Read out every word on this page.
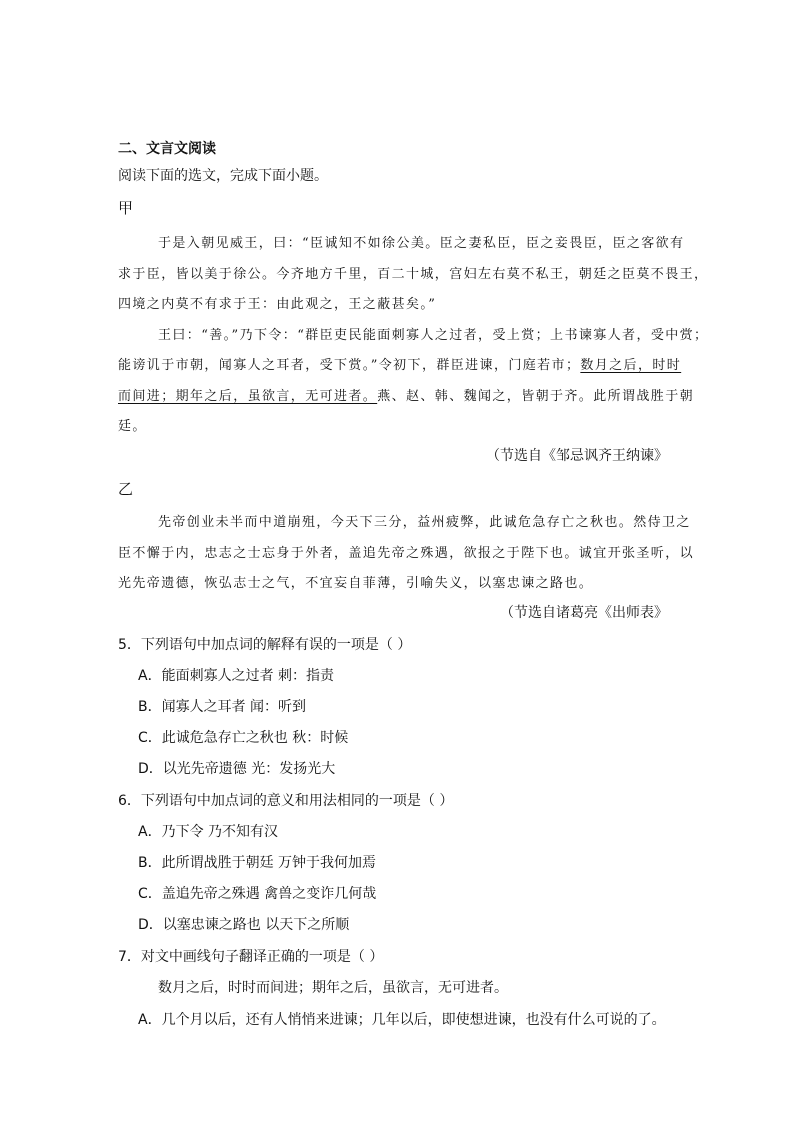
二、文言文阅读
阅读下面的选文，完成下面小题。
甲
于是入朝见威王，曰：“臣诚知不如徐公美。臣之妻私臣，臣之妾畏臣，臣之客欲有
求于臣，皆以美于徐公。今齐地方千里，百二十城，宫妇左右莫不私王，朝廷之臣莫不畏王，
四境之内莫不有求于王：由此观之，王之蔽甚矣。”
王曰：“善。”乃下令：“群臣吏民能面刺寡人之过者，受上赏；上书谏寡人者，受中赏；
能谤讥于市朝，闻寡人之耳者，受下赏。”令初下，群臣进谏，门庭若市；数月之后，时时
而间进；期年之后，虽欲言，无可进者。燕、赵、韩、魏闻之，皆朝于齐。此所谓战胜于朝
廷。
（节选自《邹忌讽齐王纳谏》
乙
先帝创业未半而中道崩殂，今天下三分，益州疲弊，此诚危急存亡之秋也。然侍卫之
臣不懈于内，忠志之士忘身于外者，盖追先帝之殊遇，欲报之于陛下也。诚宜开张圣听，以
光先帝遗德，恢弘志士之气，不宜妄自菲薄，引喻失义，以塞忠谏之路也。
（节选自诸葛亮《出师表》
5．下列语句中加点词的解释有误的一项是（ ）
A．能面刺寡人之过者 刺：指责
B．闻寡人之耳者 闻：听到
C．此诚危急存亡之秋也 秋：时候
D．以光先帝遗德 光：发扬光大
6．下列语句中加点词的意义和用法相同的一项是（ ）
A．乃下令 乃不知有汉
B．此所谓战胜于朝廷 万钟于我何加焉
C．盖追先帝之殊遇 禽兽之变诈几何哉
D．以塞忠谏之路也 以天下之所顺
7．对文中画线句子翻译正确的一项是（ ）
数月之后，时时而间进；期年之后，虽欲言，无可进者。
A．几个月以后，还有人悄悄来进谏；几年以后，即使想进谏，也没有什么可说的了。
